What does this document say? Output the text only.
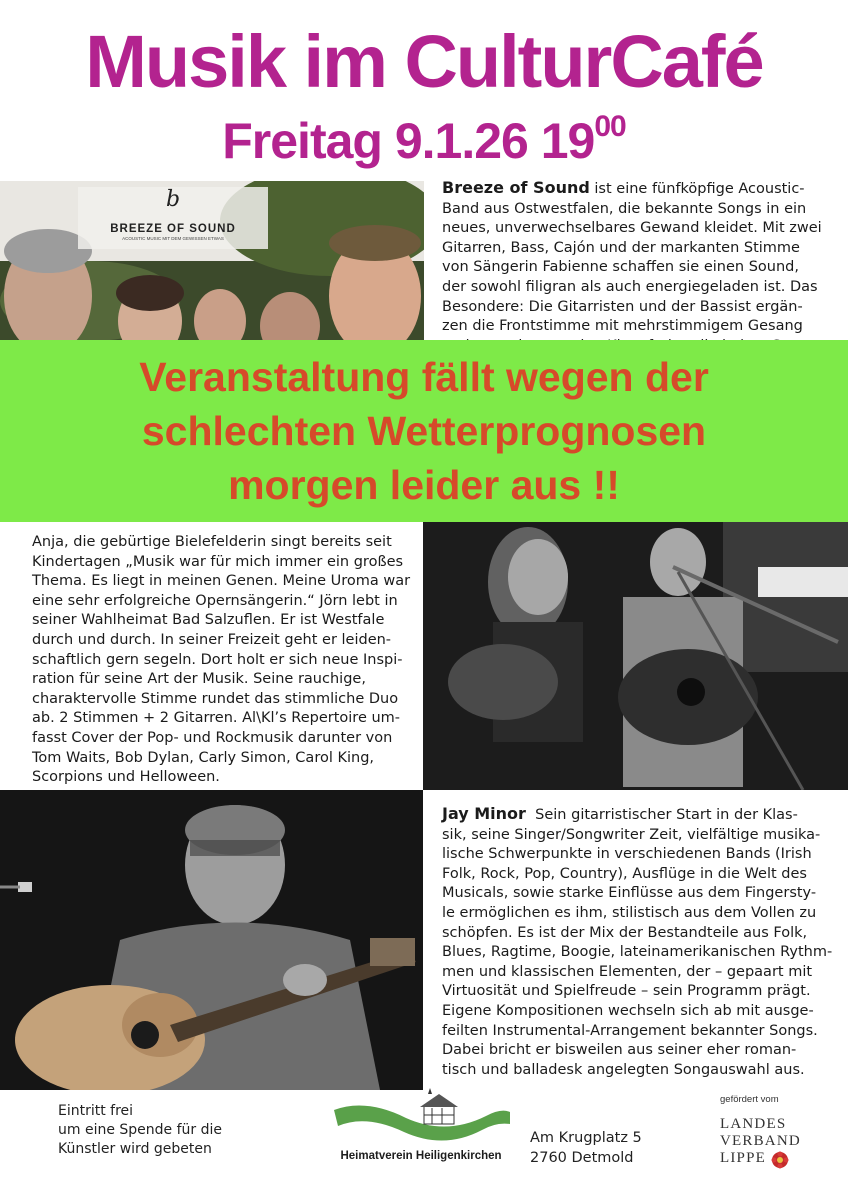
Musik im CulturCafé
Freitag 9.1.26 $19^{00}$
b
BREEZE OF SOUND
ACOUSTIC MUSIC MIT DEM GEWISSEN ETWAS
Breeze of Sound ist eine fünfköpfige Acoustic-
Band aus Ostwestfalen, die bekannte Songs in ein
neues, unverwechselbares Gewand kleidet. Mit zwei
Gitarren, Bass, Cajón und der markanten Stimme
von Sängerin Fabienne schaffen sie einen Sound,
der sowohl filigran als auch energiegeladen ist. Das
Besondere: Die Gitarristen und der Bassist ergän-
zen die Frontstimme mit mehrstimmigem Gesang
Anja, die gebürtige Bielefelderin singt bereits seit
Kindertagen „Musik war für mich immer ein großes
Thema. Es liegt in meinen Genen. Meine Uroma war
eine sehr erfolgreiche Opernsängerin.“ Jörn lebt in
seiner Wahlheimat Bad Salzuflen. Er ist Westfale
durch und durch. In seiner Freizeit geht er leiden-
schaftlich gern segeln. Dort holt er sich neue Inspi-
ration für seine Art der Musik. Seine rauchige,
charaktervolle Stimme rundet das stimmliche Duo
ab. 2 Stimmen + 2 Gitarren. Al\Kl’s Repertoire um-
fasst Cover der Pop- und Rockmusik darunter von
Tom Waits, Bob Dylan, Carly Simon, Carol King,
Scorpions und Helloween.
Jay Minor Sein gitarristischer Start in der Klas-
sik, seine Singer/Songwriter Zeit, vielfältige musika-
lische Schwerpunkte in verschiedenen Bands (Irish
Folk, Rock, Pop, Country), Ausflüge in die Welt des
Musicals, sowie starke Einflüsse aus dem Fingersty-
le ermöglichen es ihm, stilistisch aus dem Vollen zu
schöpfen. Es ist der Mix der Bestandteile aus Folk,
Blues, Ragtime, Boogie, lateinamerikanischen Rythm-
men und klassischen Elementen, der – gepaart mit
Virtuosität und Spielfreude – sein Programm prägt.
Eigene Kompositionen wechseln sich ab mit ausge-
feilten Instrumental-Arrangement bekannter Songs.
Dabei bricht er bisweilen aus seiner eher roman-
tisch und balladesk angelegten Songauswahl aus.
Veranstaltung fällt wegen der
schlechten Wetterprognosen
morgen leider aus !!
Eintritt frei
um eine Spende für die
Künstler wird gebeten	Heimatverein Heiligenkirchen
Am Krugplatz 5
2760 Detmold
gefördert vom
LANDES
VERBAND
LIPPE
